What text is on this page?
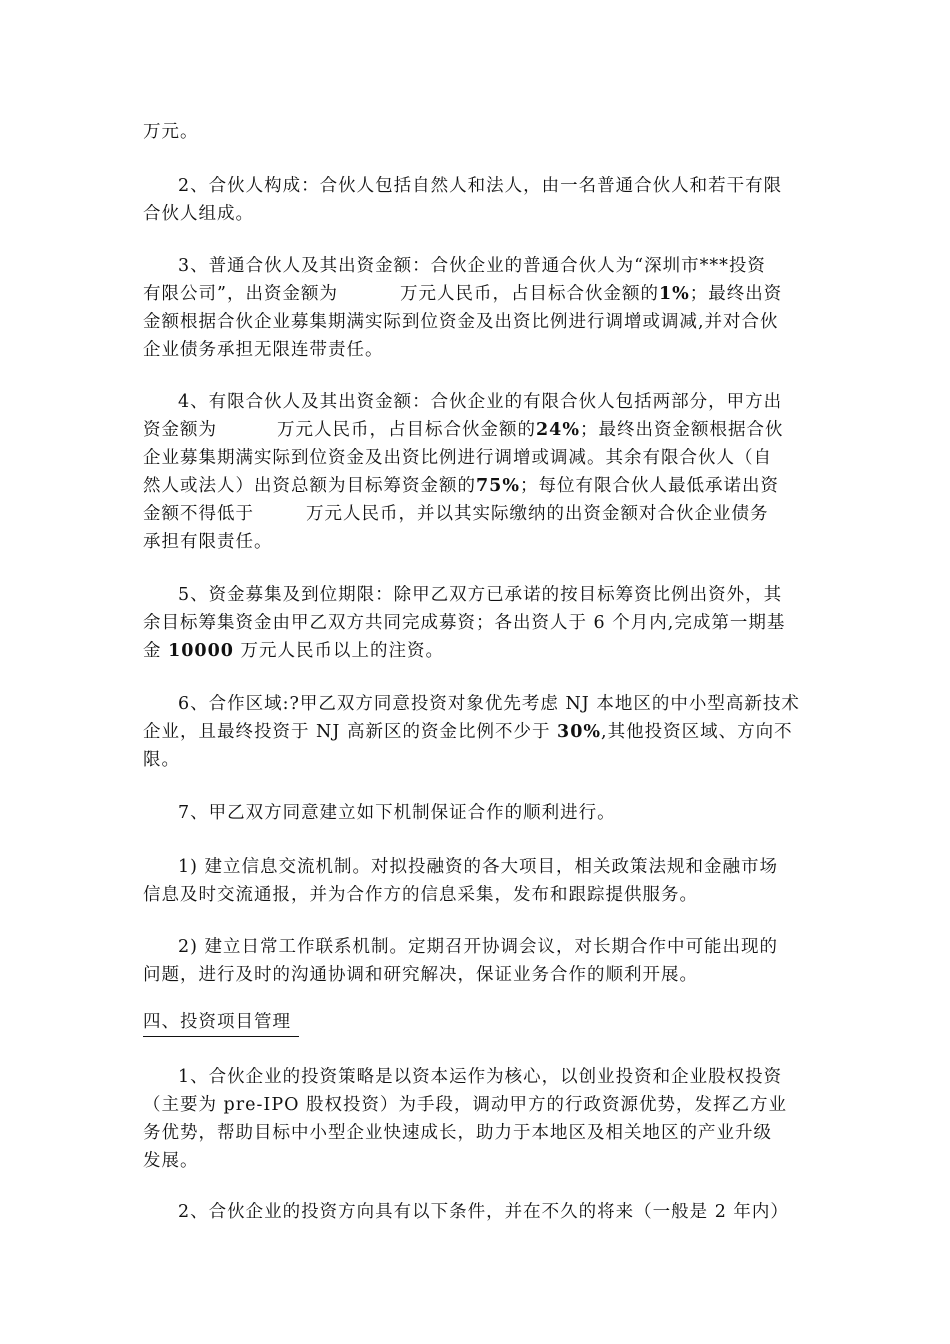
万元。

2、合伙人构成：合伙人包括自然人和法人，由一名普通合伙人和若干有限
合伙人组成。

3、普通合伙人及其出资金额：合伙企业的普通合伙人为“深圳市***投资
有限公司”，出资金额为	万元人民币，占目标合伙金额的1%；最终出资
金额根据合伙企业募集期满实际到位资金及出资比例进行调增或调减,并对合伙
企业债务承担无限连带责任。

4、有限合伙人及其出资金额：合伙企业的有限合伙人包括两部分，甲方出
资金额为	万元人民币，占目标合伙金额的24%；最终出资金额根据合伙
企业募集期满实际到位资金及出资比例进行调增或调减。其余有限合伙人（自
然人或法人）出资总额为目标筹资金额的75%；每位有限合伙人最低承诺出资
金额不得低于	万元人民币，并以其实际缴纳的出资金额对合伙企业债务
承担有限责任。

5、资金募集及到位期限：除甲乙双方已承诺的按目标筹资比例出资外，其
余目标筹集资金由甲乙双方共同完成募资；各出资人于 6 个月内,完成第一期基
金 10000 万元人民币以上的注资。

6、合作区域:?甲乙双方同意投资对象优先考虑 NJ 本地区的中小型高新技术
企业，且最终投资于 NJ 高新区的资金比例不少于 30%,其他投资区域、方向不
限。

7、甲乙双方同意建立如下机制保证合作的顺利进行。

1) 建立信息交流机制。对拟投融资的各大项目，相关政策法规和金融市场
信息及时交流通报，并为合作方的信息采集，发布和跟踪提供服务。

2) 建立日常工作联系机制。定期召开协调会议，对长期合作中可能出现的
问题，进行及时的沟通协调和研究解决，保证业务合作的顺利开展。

四、投资项目管理

1、合伙企业的投资策略是以资本运作为核心，以创业投资和企业股权投资
（主要为 pre-IPO 股权投资）为手段，调动甲方的行政资源优势，发挥乙方业
务优势，帮助目标中小型企业快速成长，助力于本地区及相关地区的产业升级
发展。

2、合伙企业的投资方向具有以下条件，并在不久的将来（一般是 2 年内）
